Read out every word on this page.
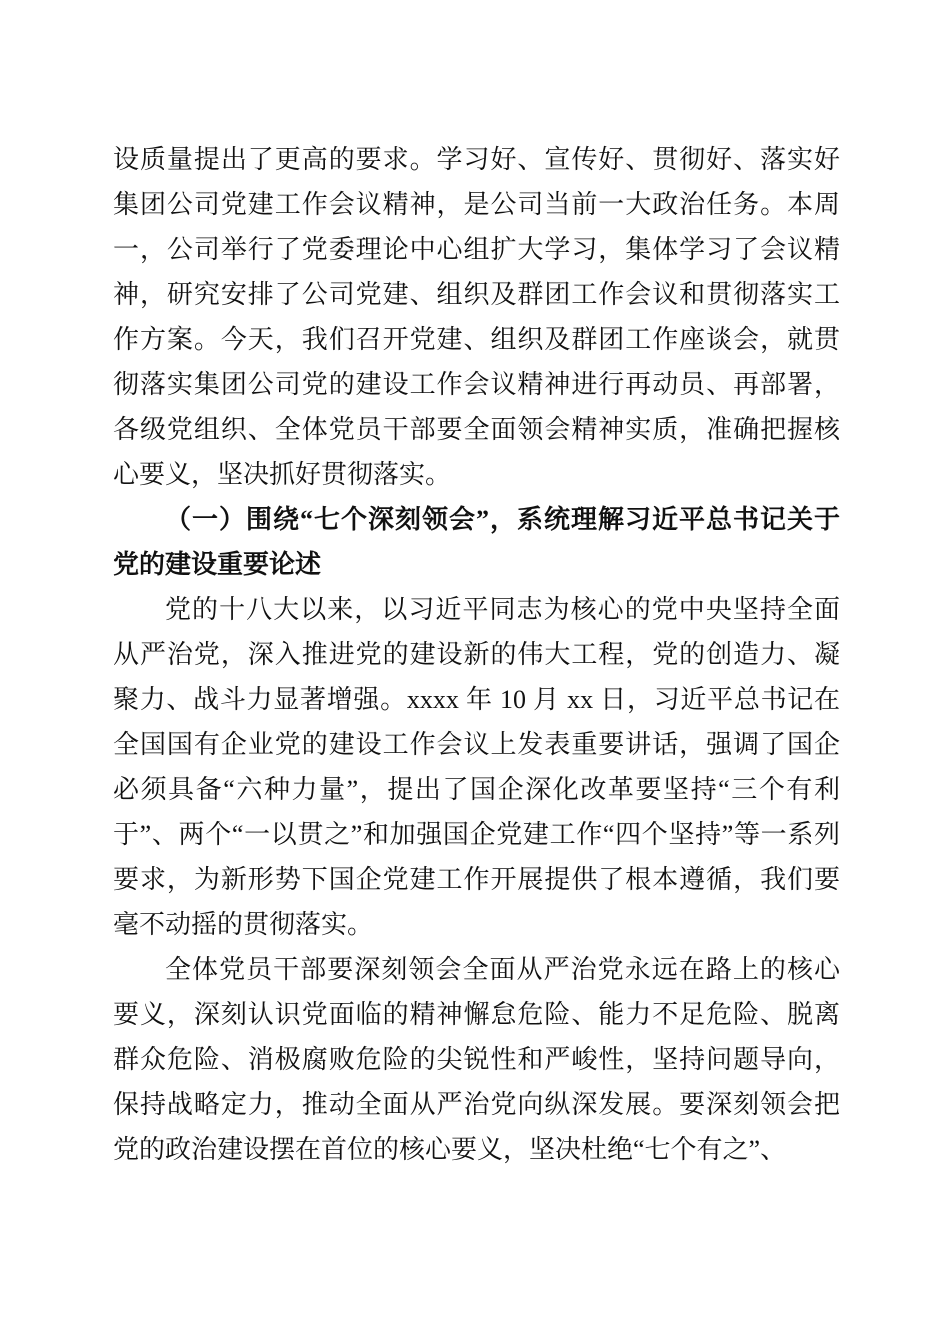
设质量提出了更高的要求。学习好、宣传好、贯彻好、落实好集团公司党建工作会议精神，是公司当前一大政治任务。本周一，公司举行了党委理论中心组扩大学习，集体学习了会议精神，研究安排了公司党建、组织及群团工作会议和贯彻落实工作方案。今天，我们召开党建、组织及群团工作座谈会，就贯彻落实集团公司党的建设工作会议精神进行再动员、再部署，各级党组织、全体党员干部要全面领会精神实质，准确把握核心要义，坚决抓好贯彻落实。

（一）围绕“七个深刻领会”，系统理解习近平总书记关于党的建设重要论述

党的十八大以来，以习近平同志为核心的党中央坚持全面从严治党，深入推进党的建设新的伟大工程，党的创造力、凝聚力、战斗力显著增强。xxxx 年 10 月 xx 日，习近平总书记在全国国有企业党的建设工作会议上发表重要讲话，强调了国企必须具备“六种力量”，提出了国企深化改革要坚持“三个有利于”、两个“一以贯之”和加强国企党建工作“四个坚持”等一系列要求，为新形势下国企党建工作开展提供了根本遵循，我们要毫不动摇的贯彻落实。

全体党员干部要深刻领会全面从严治党永远在路上的核心要义，深刻认识党面临的精神懈怠危险、能力不足危险、脱离群众危险、消极腐败危险的尖锐性和严峻性，坚持问题导向，保持战略定力，推动全面从严治党向纵深发展。要深刻领会把党的政治建设摆在首位的核心要义，坚决杜绝“七个有之”、
